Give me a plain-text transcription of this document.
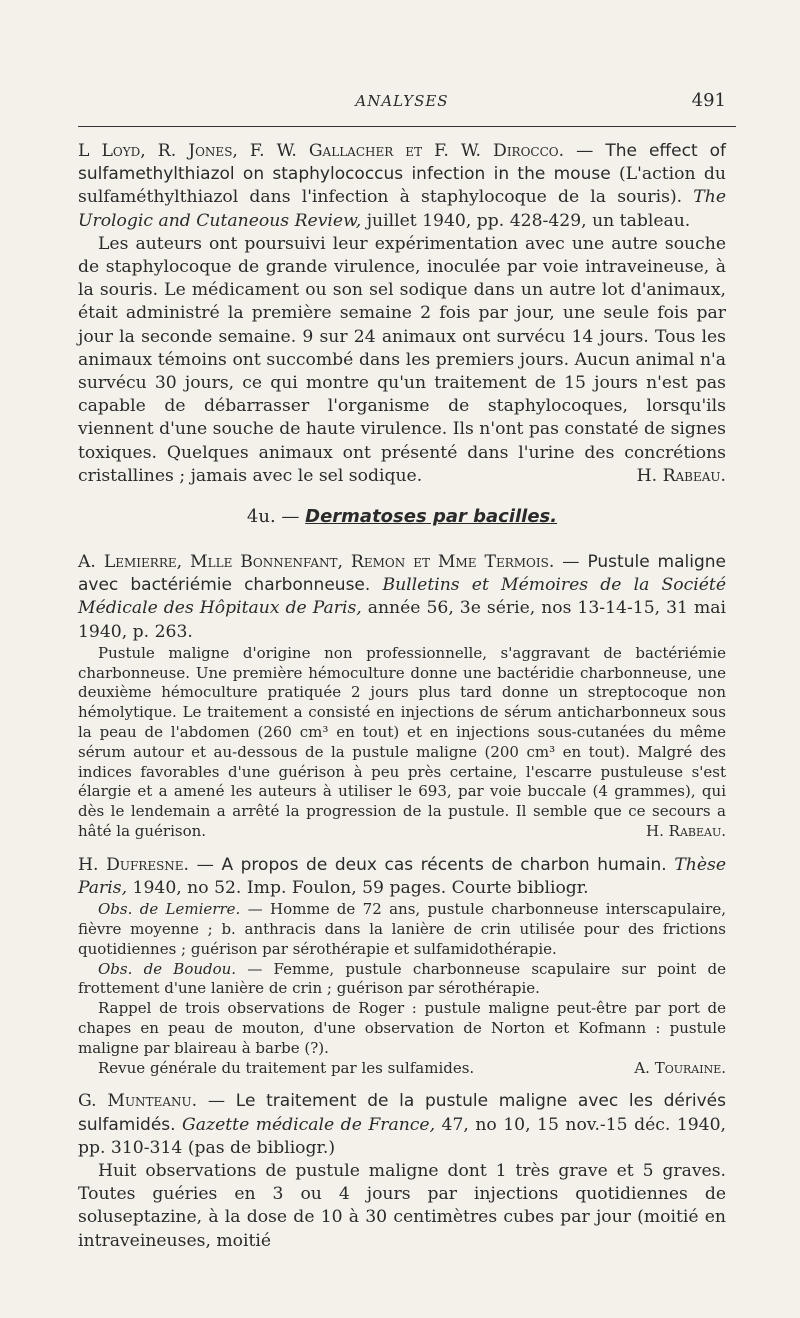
ANALYSES	491

L Loyd, R. Jones, F. W. Gallacher et F. W. Dirocco. — The effect of sulfamethylthiazol on staphylococcus infection in the mouse (L'action du sulfaméthylthiazol dans l'infection à staphylocoque de la souris). The Urologic and Cutaneous Review, juillet 1940, pp. 428-429, un tableau.

Les auteurs ont poursuivi leur expérimentation avec une autre souche de staphylocoque de grande virulence, inoculée par voie intraveineuse, à la souris. Le médicament ou son sel sodique dans un autre lot d'animaux, était administré la première semaine 2 fois par jour, une seule fois par jour la seconde semaine. 9 sur 24 animaux ont survécu 14 jours. Tous les animaux témoins ont succombé dans les premiers jours. Aucun animal n'a survécu 30 jours, ce qui montre qu'un traitement de 15 jours n'est pas capable de débarrasser l'organisme de staphylocoques, lorsqu'ils viennent d'une souche de haute virulence. Ils n'ont pas constaté de signes toxiques. Quelques animaux ont présenté dans l'urine des concrétions cristallines ; jamais avec le sel sodique.	H. Rabeau.

4u. — Dermatoses par bacilles.

A. Lemierre, Mlle Bonnenfant, Remon et Mme Termois. — Pustule maligne avec bactériémie charbonneuse. Bulletins et Mémoires de la Société Médicale des Hôpitaux de Paris, année 56, 3e série, nos 13-14-15, 31 mai 1940, p. 263.

Pustule maligne d'origine non professionnelle, s'aggravant de bactériémie charbonneuse. Une première hémoculture donne une bactéridie charbonneuse, une deuxième hémoculture pratiquée 2 jours plus tard donne un streptocoque non hémolytique. Le traitement a consisté en injections de sérum anticharbonneux sous la peau de l'abdomen (260 cm³ en tout) et en injections sous-cutanées du même sérum autour et au-dessous de la pustule maligne (200 cm³ en tout). Malgré des indices favorables d'une guérison à peu près certaine, l'escarre pustuleuse s'est élargie et a amené les auteurs à utiliser le 693, par voie buccale (4 grammes), qui dès le lendemain a arrêté la progression de la pustule. Il semble que ce secours a hâté la guérison.	H. Rabeau.

H. Dufresne. — A propos de deux cas récents de charbon humain. Thèse Paris, 1940, no 52. Imp. Foulon, 59 pages. Courte bibliogr.

Obs. de Lemierre. — Homme de 72 ans, pustule charbonneuse interscapulaire, fièvre moyenne ; b. anthracis dans la lanière de crin utilisée pour des frictions quotidiennes ; guérison par sérothérapie et sulfamidothérapie.

Obs. de Boudou. — Femme, pustule charbonneuse scapulaire sur point de frottement d'une lanière de crin ; guérison par sérothérapie.

Rappel de trois observations de Roger : pustule maligne peut-être par port de chapes en peau de mouton, d'une observation de Norton et Kofmann : pustule maligne par blaireau à barbe (?).

Revue générale du traitement par les sulfamides.	A. Touraine.

G. Munteanu. — Le traitement de la pustule maligne avec les dérivés sulfamidés. Gazette médicale de France, 47, no 10, 15 nov.-15 déc. 1940, pp. 310-314 (pas de bibliogr.)

Huit observations de pustule maligne dont 1 très grave et 5 graves. Toutes guéries en 3 ou 4 jours par injections quotidiennes de soluseptazine, à la dose de 10 à 30 centimètres cubes par jour (moitié en intraveineuses, moitié
